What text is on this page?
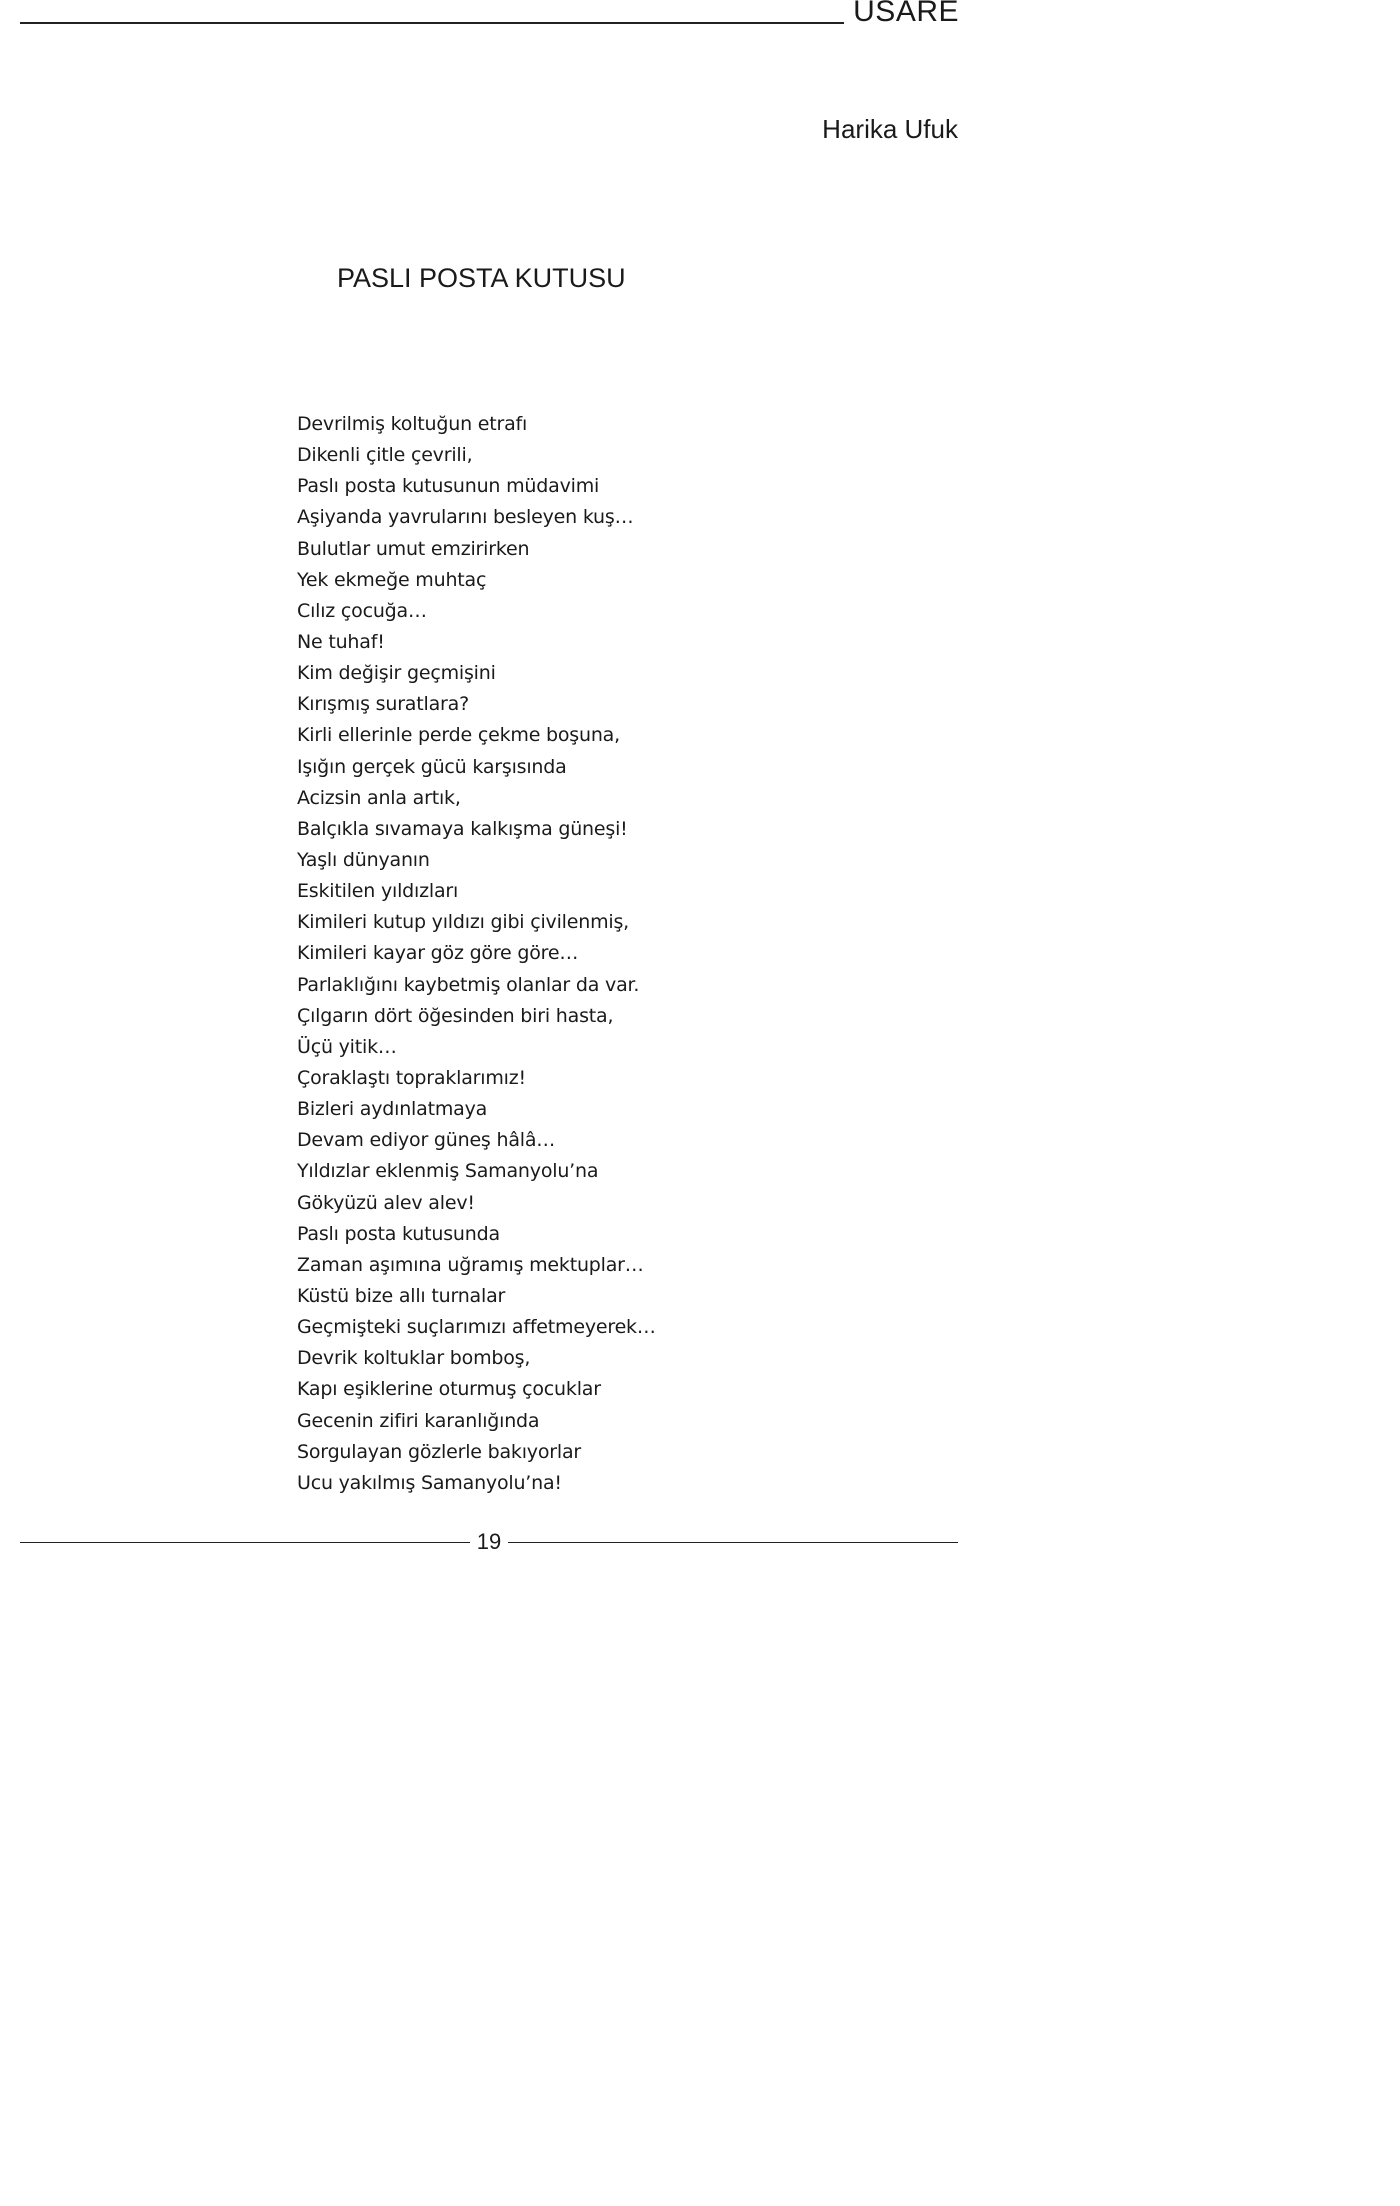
USARE
Harika Ufuk
PASLI POSTA KUTUSU
Devrilmiş koltuğun etrafı
Dikenli çitle çevrili,
Paslı posta kutusunun müdavimi
Aşiyanda yavrularını besleyen kuş…
Bulutlar umut emzirirken
Yek ekmeğe muhtaç
Cılız çocuğa…
Ne tuhaf!
Kim değişir geçmişini
Kırışmış suratlara?
Kirli ellerinle perde çekme boşuna,
Işığın gerçek gücü karşısında
Acizsin anla artık,
Balçıkla sıvamaya kalkışma güneşi!
Yaşlı dünyanın
Eskitilen yıldızları
Kimileri kutup yıldızı gibi çivilenmiş,
Kimileri kayar göz göre göre…
Parlaklığını kaybetmiş olanlar da var.
Çılgarın dört öğesinden biri hasta,
Üçü yitik…
Çoraklaştı topraklarımız!
Bizleri aydınlatmaya
Devam ediyor güneş hâlâ…
Yıldızlar eklenmiş Samanyolu’na
Gökyüzü alev alev!
Paslı posta kutusunda
Zaman aşımına uğramış mektuplar…
Küstü bize allı turnalar
Geçmişteki suçlarımızı affetmeyerek…
Devrik koltuklar bomboş,
Kapı eşiklerine oturmuş çocuklar
Gecenin zifiri karanlığında
Sorgulayan gözlerle bakıyorlar
Ucu yakılmış Samanyolu’na!
19
